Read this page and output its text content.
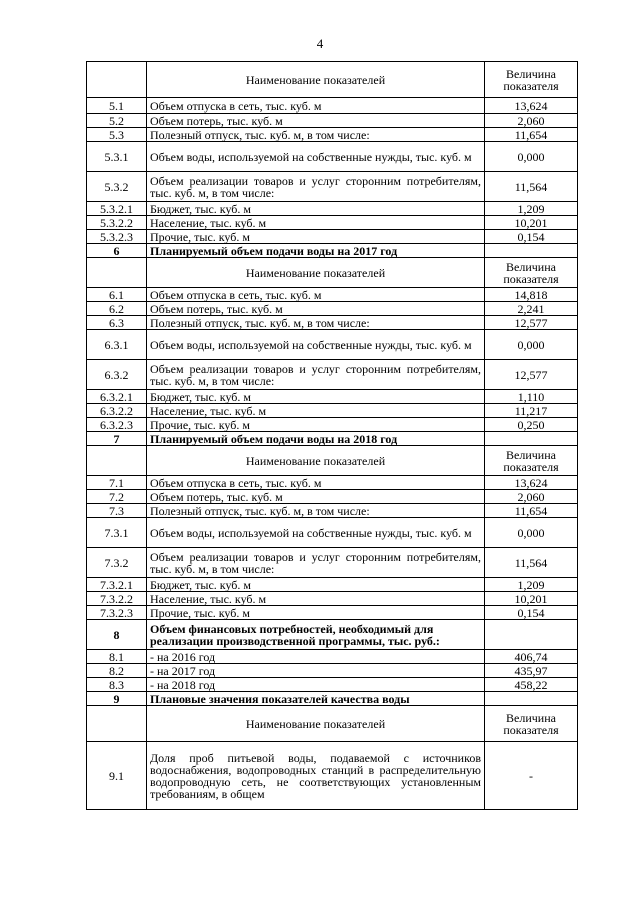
4
	Наименование показателей	Величина показателя
5.1	Объем отпуска в сеть, тыс. куб. м	13,624
5.2	Объем потерь, тыс. куб. м	2,060
5.3	Полезный отпуск, тыс. куб. м, в том числе:	11,654
5.3.1	Объем воды, используемой на собственные нужды, тыс. куб. м	0,000
5.3.2	Объем реализации товаров и услуг сторонним потребителям, тыс. куб. м, в том числе:	11,564
5.3.2.1	Бюджет, тыс. куб. м	1,209
5.3.2.2	Население, тыс. куб. м	10,201
5.3.2.3	Прочие, тыс. куб. м	0,154
6	Планируемый объем подачи воды на 2017 год	
	Наименование показателей	Величина показателя
6.1	Объем отпуска в сеть, тыс. куб. м	14,818
6.2	Объем потерь, тыс. куб. м	2,241
6.3	Полезный отпуск, тыс. куб. м, в том числе:	12,577
6.3.1	Объем воды, используемой на собственные нужды, тыс. куб. м	0,000
6.3.2	Объем реализации товаров и услуг сторонним потребителям, тыс. куб. м, в том числе:	12,577
6.3.2.1	Бюджет, тыс. куб. м	1,110
6.3.2.2	Население, тыс. куб. м	11,217
6.3.2.3	Прочие, тыс. куб. м	0,250
7	Планируемый объем подачи воды на 2018 год	
	Наименование показателей	Величина показателя
7.1	Объем отпуска в сеть, тыс. куб. м	13,624
7.2	Объем потерь, тыс. куб. м	2,060
7.3	Полезный отпуск, тыс. куб. м, в том числе:	11,654
7.3.1	Объем воды, используемой на собственные нужды, тыс. куб. м	0,000
7.3.2	Объем реализации товаров и услуг сторонним потребителям, тыс. куб. м, в том числе:	11,564
7.3.2.1	Бюджет, тыс. куб. м	1,209
7.3.2.2	Население, тыс. куб. м	10,201
7.3.2.3	Прочие, тыс. куб. м	0,154
8	Объем финансовых потребностей, необходимый для реализации производственной программы, тыс. руб.:	
8.1	- на 2016 год	406,74
8.2	- на 2017 год	435,97
8.3	- на 2018 год	458,22
9	Плановые значения показателей качества воды	
	Наименование показателей	Величина показателя
9.1	Доля проб питьевой воды, подаваемой с источников водоснабжения, водопроводных станций в распределительную водопроводную сеть, не соответствующих установленным требованиям, в общем	-
